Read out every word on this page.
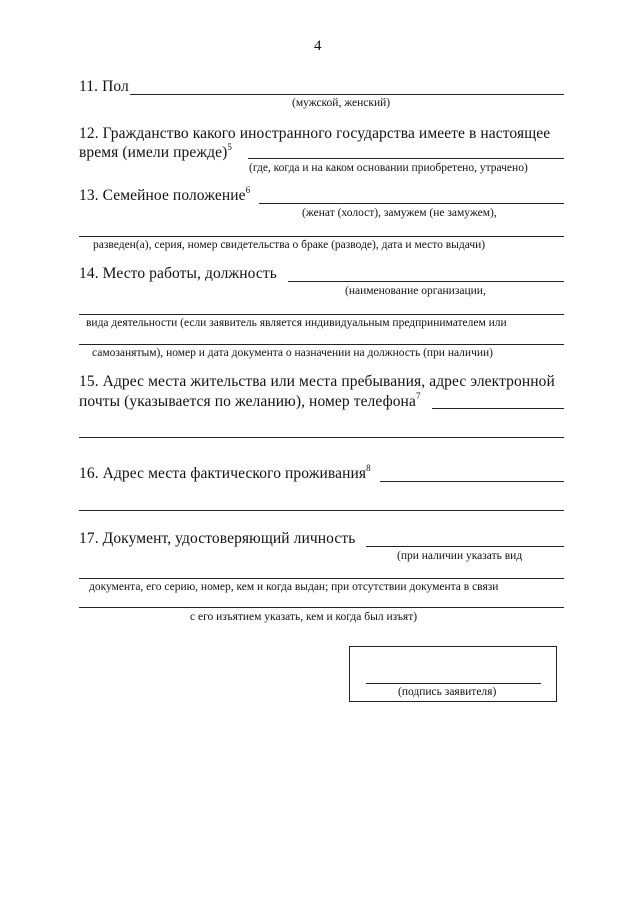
4
11. Пол
(мужской, женский)
12. Гражданство какого иностранного государства имеете в настоящее
время (имели прежде)$^5$
(где, когда и на каком основании приобретено, утрачено)
13. Семейное положение$^6$
(женат (холост), замужем (не замужем),
разведен(а), серия, номер свидетельства о браке (разводе), дата и место выдачи)
14. Место работы, должность
(наименование организации,
вида деятельности (если заявитель является индивидуальным предпринимателем или
самозанятым), номер и дата документа о назначении на должность (при наличии)
15. Адрес места жительства или места пребывания, адрес электронной
почты (указывается по желанию), номер телефона$^7$
16. Адрес места фактического проживания$^8$
17. Документ, удостоверяющий личность
(при наличии указать вид
документа, его серию, номер, кем и когда выдан; при отсутствии документа в связи
с его изъятием указать, кем и когда был изъят)
(подпись заявителя)
